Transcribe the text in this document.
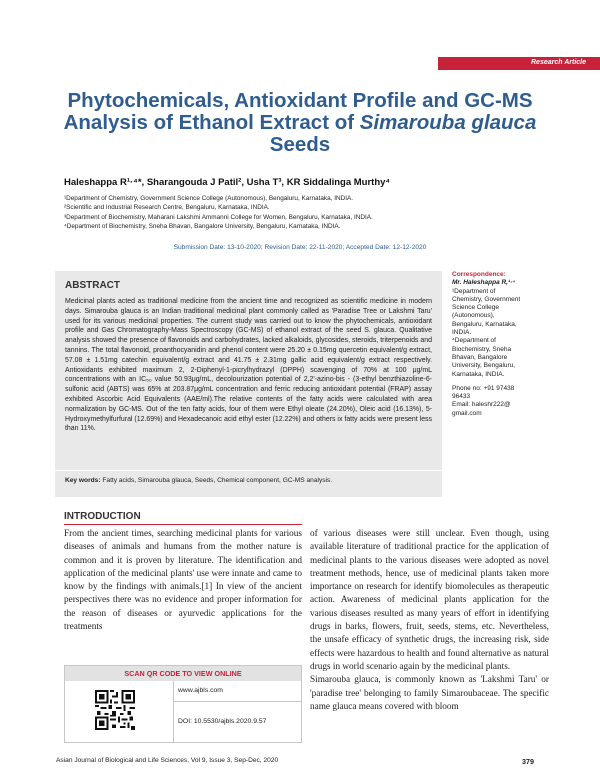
Research Article
Phytochemicals, Antioxidant Profile and GC-MS
Analysis of Ethanol Extract of Simarouba glauca
Seeds
Haleshappa R¹·⁴*, Sharangouda J Patil², Usha T³, KR Siddalinga Murthy⁴
¹Department of Chemistry, Government Science College (Autonomous), Bengaluru, Karnataka, INDIA.
²Scientific and Industrial Research Centre, Bengaluru, Karnataka, INDIA.
³Department of Biochemistry, Maharani Lakshmi Ammanni College for Women, Bengaluru, Karnataka, INDIA.
⁴Department of Biochemistry, Sneha Bhavan, Bangalore University, Bengaluru, Karnataka, INDIA.
Submission Date: 13-10-2020; Revision Date: 22-11-2020; Accepted Date: 12-12-2020
ABSTRACT
Medicinal plants acted as traditional medicine from the ancient time and recognized as scientific medicine in modern days. Simarouba glauca is an Indian traditional medicinal plant commonly called as 'Paradise Tree or Lakshmi Taru' used for its various medicinal properties. The current study was carried out to know the phytochemicals, antioxidant profile and Gas Chromatography-Mass Spectroscopy (GC-MS) of ethanol extract of the seed S. glauca. Qualitative analysis showed the presence of flavonoids and carbohydrates, lacked alkaloids, glycosides, steroids, triterpenoids and tannins. The total flavonoid, proanthocyanidin and phenol content were 25.20 ± 0.15mg quercetin equivalent/g extract, 57.08 ± 1.51mg catechin equivalent/g extract and 41.75 ± 2.31mg gallic acid equivalent/g extract respectively. Antioxidants exhibited maximum 2, 2-Diphenyl-1-picrylhydrazyl (DPPH) scavenging of 70% at 100 μg/mL concentrations with an IC₅₀ value 50.93μg/mL, decolourization potential of 2,2'-azino-bis - (3-ethyl benzthiazoline-6-sulfonic acid (ABTS) was 65% at 203.87μg/mL concentration and ferric reducing antioxidant potential (FRAP) assay exhibited Ascorbic Acid Equivalents (AAE/ml).The relative contents of the fatty acids were calculated with area normalization by GC-MS. Out of the ten fatty acids, four of them were Ethyl oleate (24.20%), Oleic acid (16.13%), 5-Hydroxymethylfurfural (12.69%) and Hexadecanoic acid ethyl ester (12.22%) and others ix fatty acids were present less than 11%.
Key words: Fatty acids, Simarouba glauca, Seeds, Chemical component, GC-MS analysis.
Correspondence:
Mr. Haleshappa R,¹·⁴
¹Department of
Chemistry, Government
Science College
(Autonomous),
Bengaluru, Karnataka,
INDIA.
⁴Department of
Biochemistry, Sneha
Bhavan, Bangalore
University, Bengaluru,
Karnataka, INDIA.
Phone no: +91 97438
96433
Email: haleshr222@
gmail.com
INTRODUCTION
From the ancient times, searching medicinal plants for various diseases of animals and humans from the mother nature is common and it is proven by literature. The identification and application of the medicinal plants' use were innate and came to know by the findings with animals.[1] In view of the ancient perspectives there was no evidence and proper information for the reason of diseases or ayurvedic applications for the treatments

of various diseases were still unclear. Even though, using available literature of traditional practice for the application of medicinal plants to the various diseases were adopted as novel treatment methods, hence, use of medicinal plants taken more importance on research for identify biomolecules as therapeutic action. Awareness of medicinal plants application for the various diseases resulted as many years of effort in identifying drugs in barks, flowers, fruit, seeds, stems, etc. Nevertheless, the unsafe efficacy of synthetic drugs, the increasing risk, side effects were hazardous to health and found alternative as natural drugs in world scenario again by the medicinal plants.

Simarouba glauca, is commonly known as 'Lakshmi Taru' or 'paradise tree' belonging to family Simaroubaceae. The specific name glauca means covered with bloom

SCAN QR CODE TO VIEW ONLINE
www.ajbls.com
DOI: 10.5530/ajbls.2020.9.57
Asian Journal of Biological and Life Sciences, Vol 9, Issue 3, Sep-Dec, 2020	379
